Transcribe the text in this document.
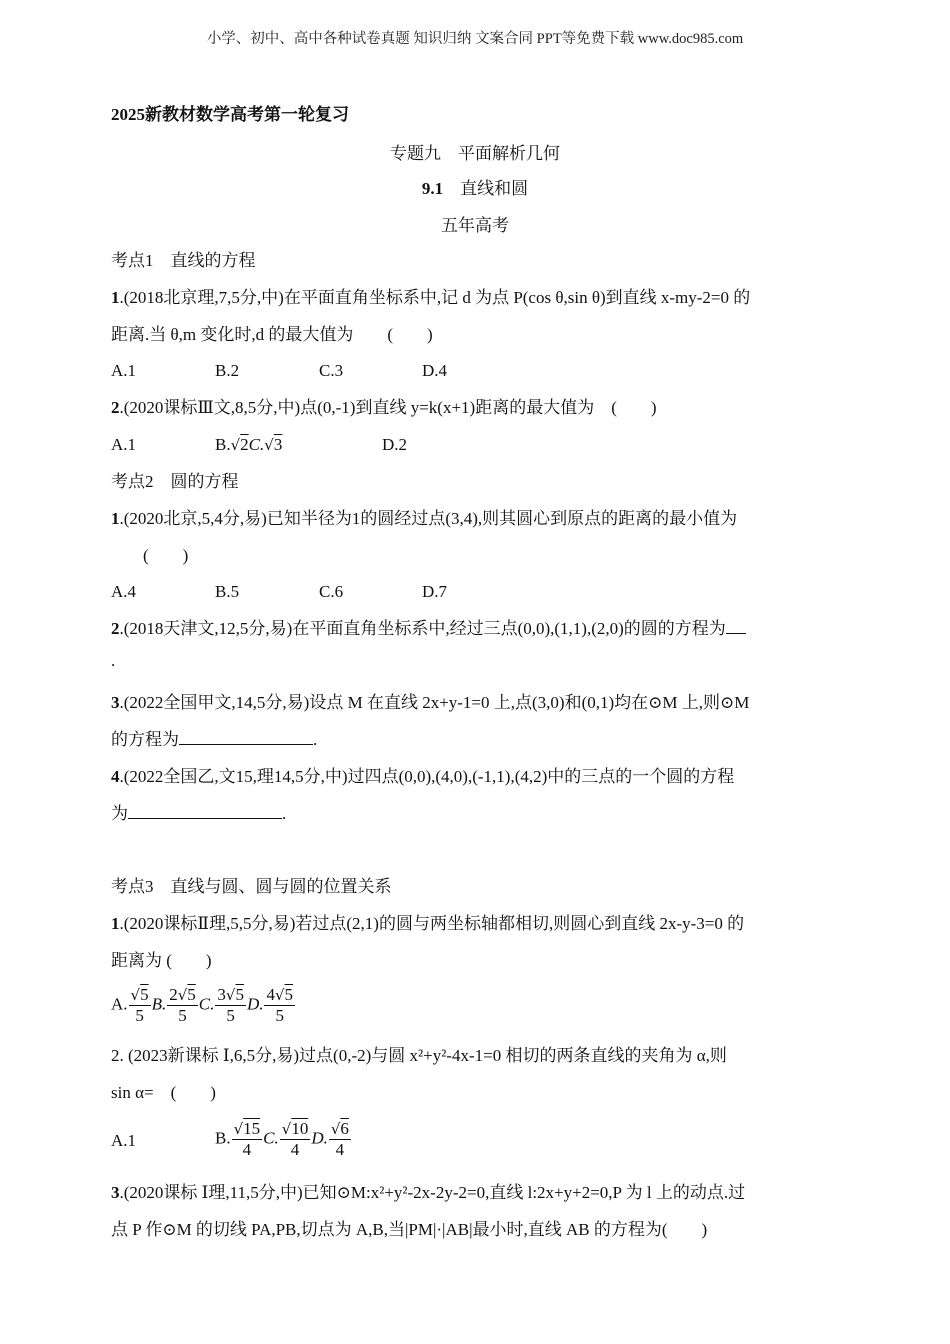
小学、初中、高中各种试卷真题 知识归纳 文案合同 PPT等免费下载 www.doc985.com
2025新教材数学高考第一轮复习
专题九　平面解析几何
9.1 直线和圆
五年高考
考点1　直线的方程
1.(2018北京理,7,5分,中)在平面直角坐标系中,记 d 为点 P(cos θ,sin θ)到直线 x-my-2=0 的
距离.当 θ,m 变化时,d 的最大值为　　(　　)
A.1	B.2	C.3	D.4
2.(2020课标Ⅲ文,8,5分,中)点(0,-1)到直线 y=k(x+1)距离的最大值为　(　　)
A.1	B.√2C.√3	D.2
考点2　圆的方程
1.(2020北京,5,4分,易)已知半径为1的圆经过点(3,4),则其圆心到原点的距离的最小值为
(　　)
A.4	B.5	C.6	D.7
2.(2018天津文,12,5分,易)在平面直角坐标系中,经过三点(0,0),(1,1),(2,0)的圆的方程为
.
3.(2022全国甲文,14,5分,易)设点 M 在直线 2x+y-1=0 上,点(3,0)和(0,1)均在⊙M 上,则⊙M
的方程为	.
4.(2022全国乙,文15,理14,5分,中)过四点(0,0),(4,0),(-1,1),(4,2)中的三点的一个圆的方程
为	.
考点3　直线与圆、圆与圆的位置关系
1.(2020课标Ⅱ理,5,5分,易)若过点(2,1)的圆与两坐标轴都相切,则圆心到直线 2x-y-3=0 的
距离为 (　　)
A. $\frac{√5}{5} B$. $\frac{2√5}{5} C$. $\frac{3√5}{5} D$. $\frac{4√5}{5}$
2. (2023新课标 Ⅰ,6,5分,易)过点(0,-2)与圆 x²+y²-4x-1=0 相切的两条直线的夹角为 α,则
sin α=　(　　)
A.1	B. $\frac{√15}{4} C$. $\frac{√10}{4} D$. $\frac{√6}{4}$
3.(2020课标 Ⅰ理,11,5分,中)已知⊙M:x²+y²-2x-2y-2=0,直线 l:2x+y+2=0,P 为 l 上的动点.过
点 P 作⊙M 的切线 PA,PB,切点为 A,B,当|PM|·|AB|最小时,直线 AB 的方程为(　　)
